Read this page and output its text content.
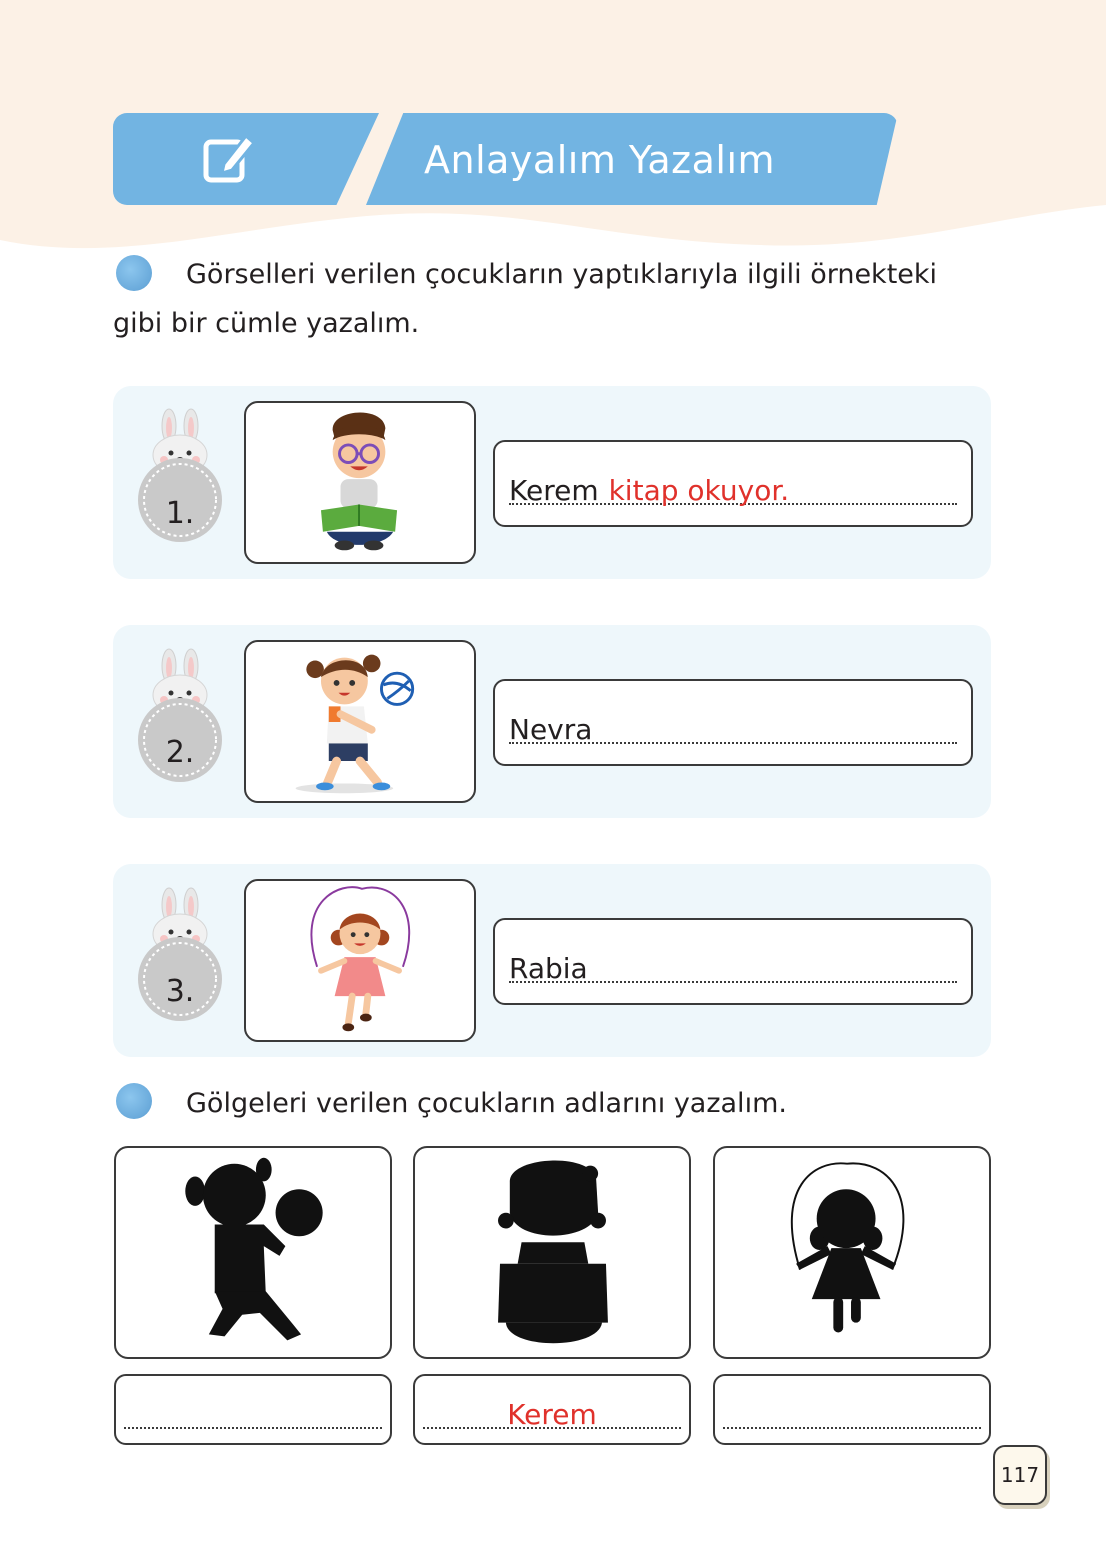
Anlayalım Yazalım
Görselleri verilen çocukların yaptıklarıyla ilgili örnekteki
gibi bir cümle yazalım.
1.
Kerem kitap okuyor.
2.
Nevra
3.
Rabia
Gölgeleri verilen çocukların adlarını yazalım.
Kerem
117
